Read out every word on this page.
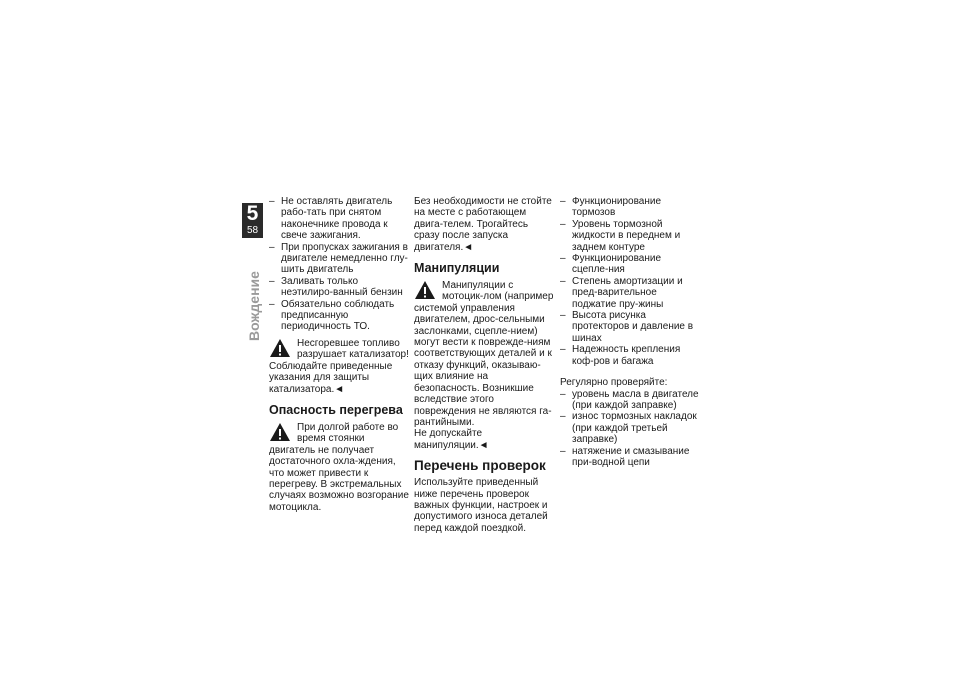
5
58
Вождение
– Не оставлять двигатель рабо-тать при снятом наконечнике провода к свече зажигания.
– При пропусках зажигания в двигателе немедленно глу-шить двигатель
– Заливать только неэтилиро-ванный бензин
– Обязательно соблюдать предписанную периодичность ТО.

Несгоревшее топливо разрушает катализатор!

Соблюдайте приведенные указания для защиты катализатора.◄

Опасность перегрева

При долгой работе во время стоянки двигатель не получает достаточного охла-ждения, что может привести к перегреву. В экстремальных случаях возможно возгорание мотоцикла.

Без необходимости не стойте на месте с работающем двига-телем. Трогайтесь сразу после запуска двигателя.◄

Манипуляции

Манипуляции с мотоцик-лом (например системой управления двигателем, дрос-сельными заслонками, сцепле-нием) могут вести к поврежде-ниям соответствующих деталей и к отказу функций, оказываю-щих влияние на безопасность. Возникшие вследствие этого повреждения не являются га-рантийными.

Не допускайте манипуляции.◄

Перечень проверок

Используйте приведенный ниже перечень проверок важных функции, настроек и допустимого износа деталей перед каждой поездкой.

– Функционирование тормозов
– Уровень тормозной жидкости в переднем и заднем контуре
– Функционирование сцепле-ния
– Степень амортизации и пред-варительное поджатие пру-жины
– Высота рисунка протекторов и давление в шинах
– Надежность крепления коф-ров и багажа

Регулярно проверяйте:

– уровень масла в двигателе (при каждой заправке)
– износ тормозных накладок (при каждой третьей заправке)
– натяжение и смазывание при-водной цепи
